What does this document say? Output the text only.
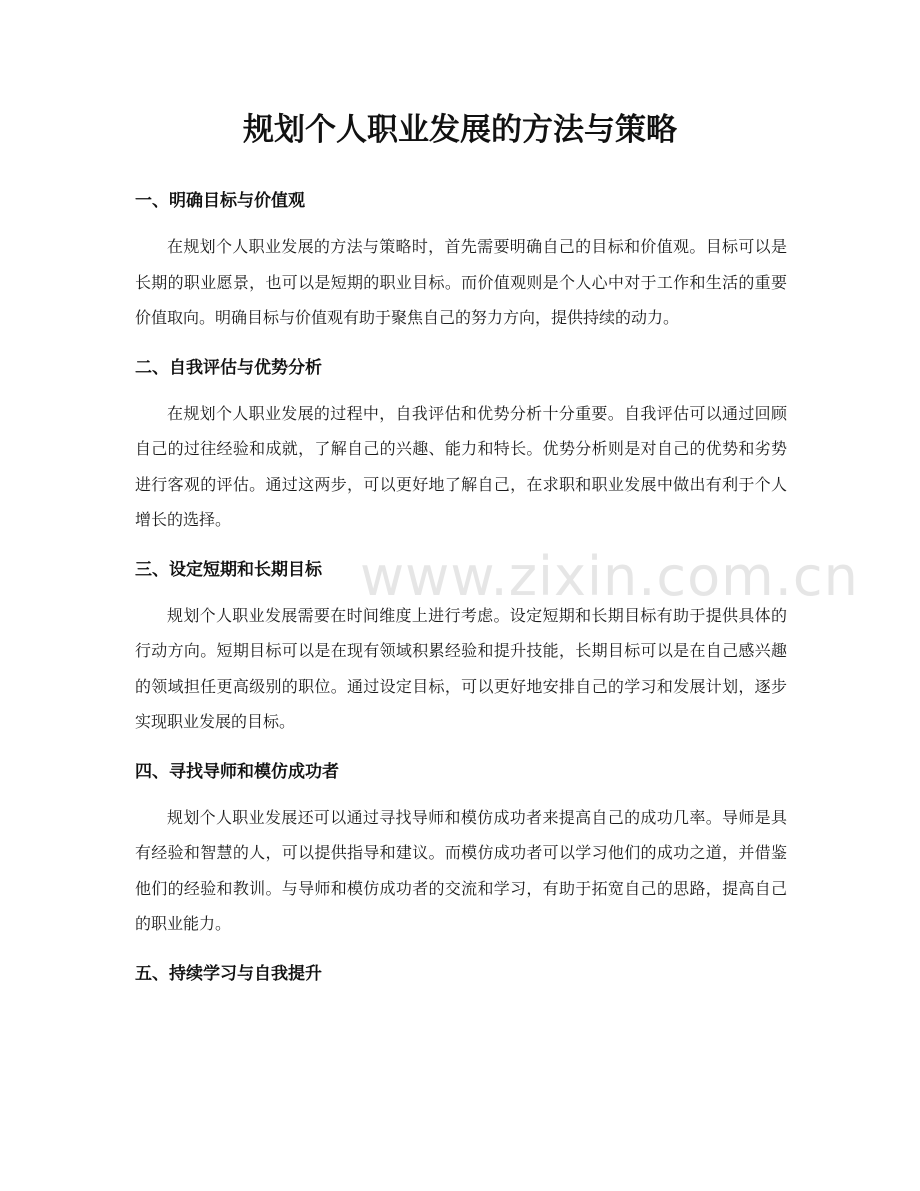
规划个人职业发展的方法与策略
一、明确目标与价值观

在规划个人职业发展的方法与策略时，首先需要明确自己的目标和价值观。目标可以是长期的职业愿景，也可以是短期的职业目标。而价值观则是个人心中对于工作和生活的重要价值取向。明确目标与价值观有助于聚焦自己的努力方向，提供持续的动力。

二、自我评估与优势分析

在规划个人职业发展的过程中，自我评估和优势分析十分重要。自我评估可以通过回顾自己的过往经验和成就，了解自己的兴趣、能力和特长。优势分析则是对自己的优势和劣势进行客观的评估。通过这两步，可以更好地了解自己，在求职和职业发展中做出有利于个人增长的选择。

三、设定短期和长期目标

规划个人职业发展需要在时间维度上进行考虑。设定短期和长期目标有助于提供具体的行动方向。短期目标可以是在现有领域积累经验和提升技能，长期目标可以是在自己感兴趣的领域担任更高级别的职位。通过设定目标，可以更好地安排自己的学习和发展计划，逐步实现职业发展的目标。

四、寻找导师和模仿成功者

规划个人职业发展还可以通过寻找导师和模仿成功者来提高自己的成功几率。导师是具有经验和智慧的人，可以提供指导和建议。而模仿成功者可以学习他们的成功之道，并借鉴他们的经验和教训。与导师和模仿成功者的交流和学习，有助于拓宽自己的思路，提高自己的职业能力。

五、持续学习与自我提升
www.zixin.com.cn
